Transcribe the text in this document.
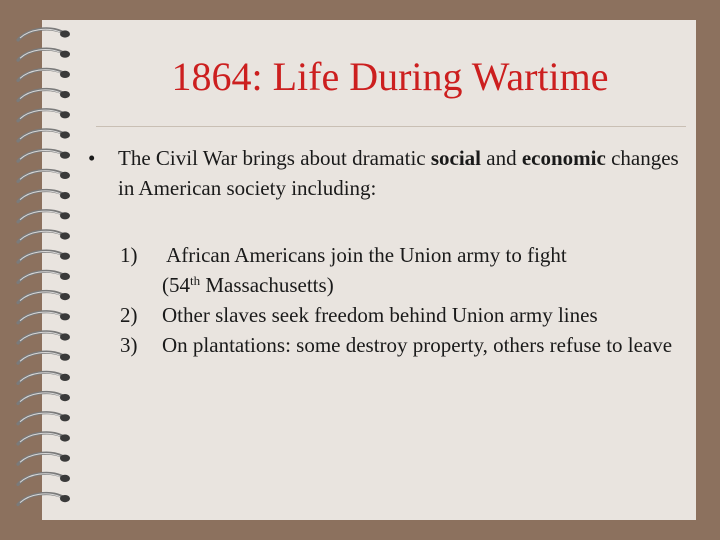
1864: Life During Wartime
• The Civil War brings about dramatic social and economic changes in American society including:
1) African Americans join the Union army to fight
(54th Massachusetts)
2) Other slaves seek freedom behind Union army lines
3) On plantations: some destroy property, others refuse to leave
